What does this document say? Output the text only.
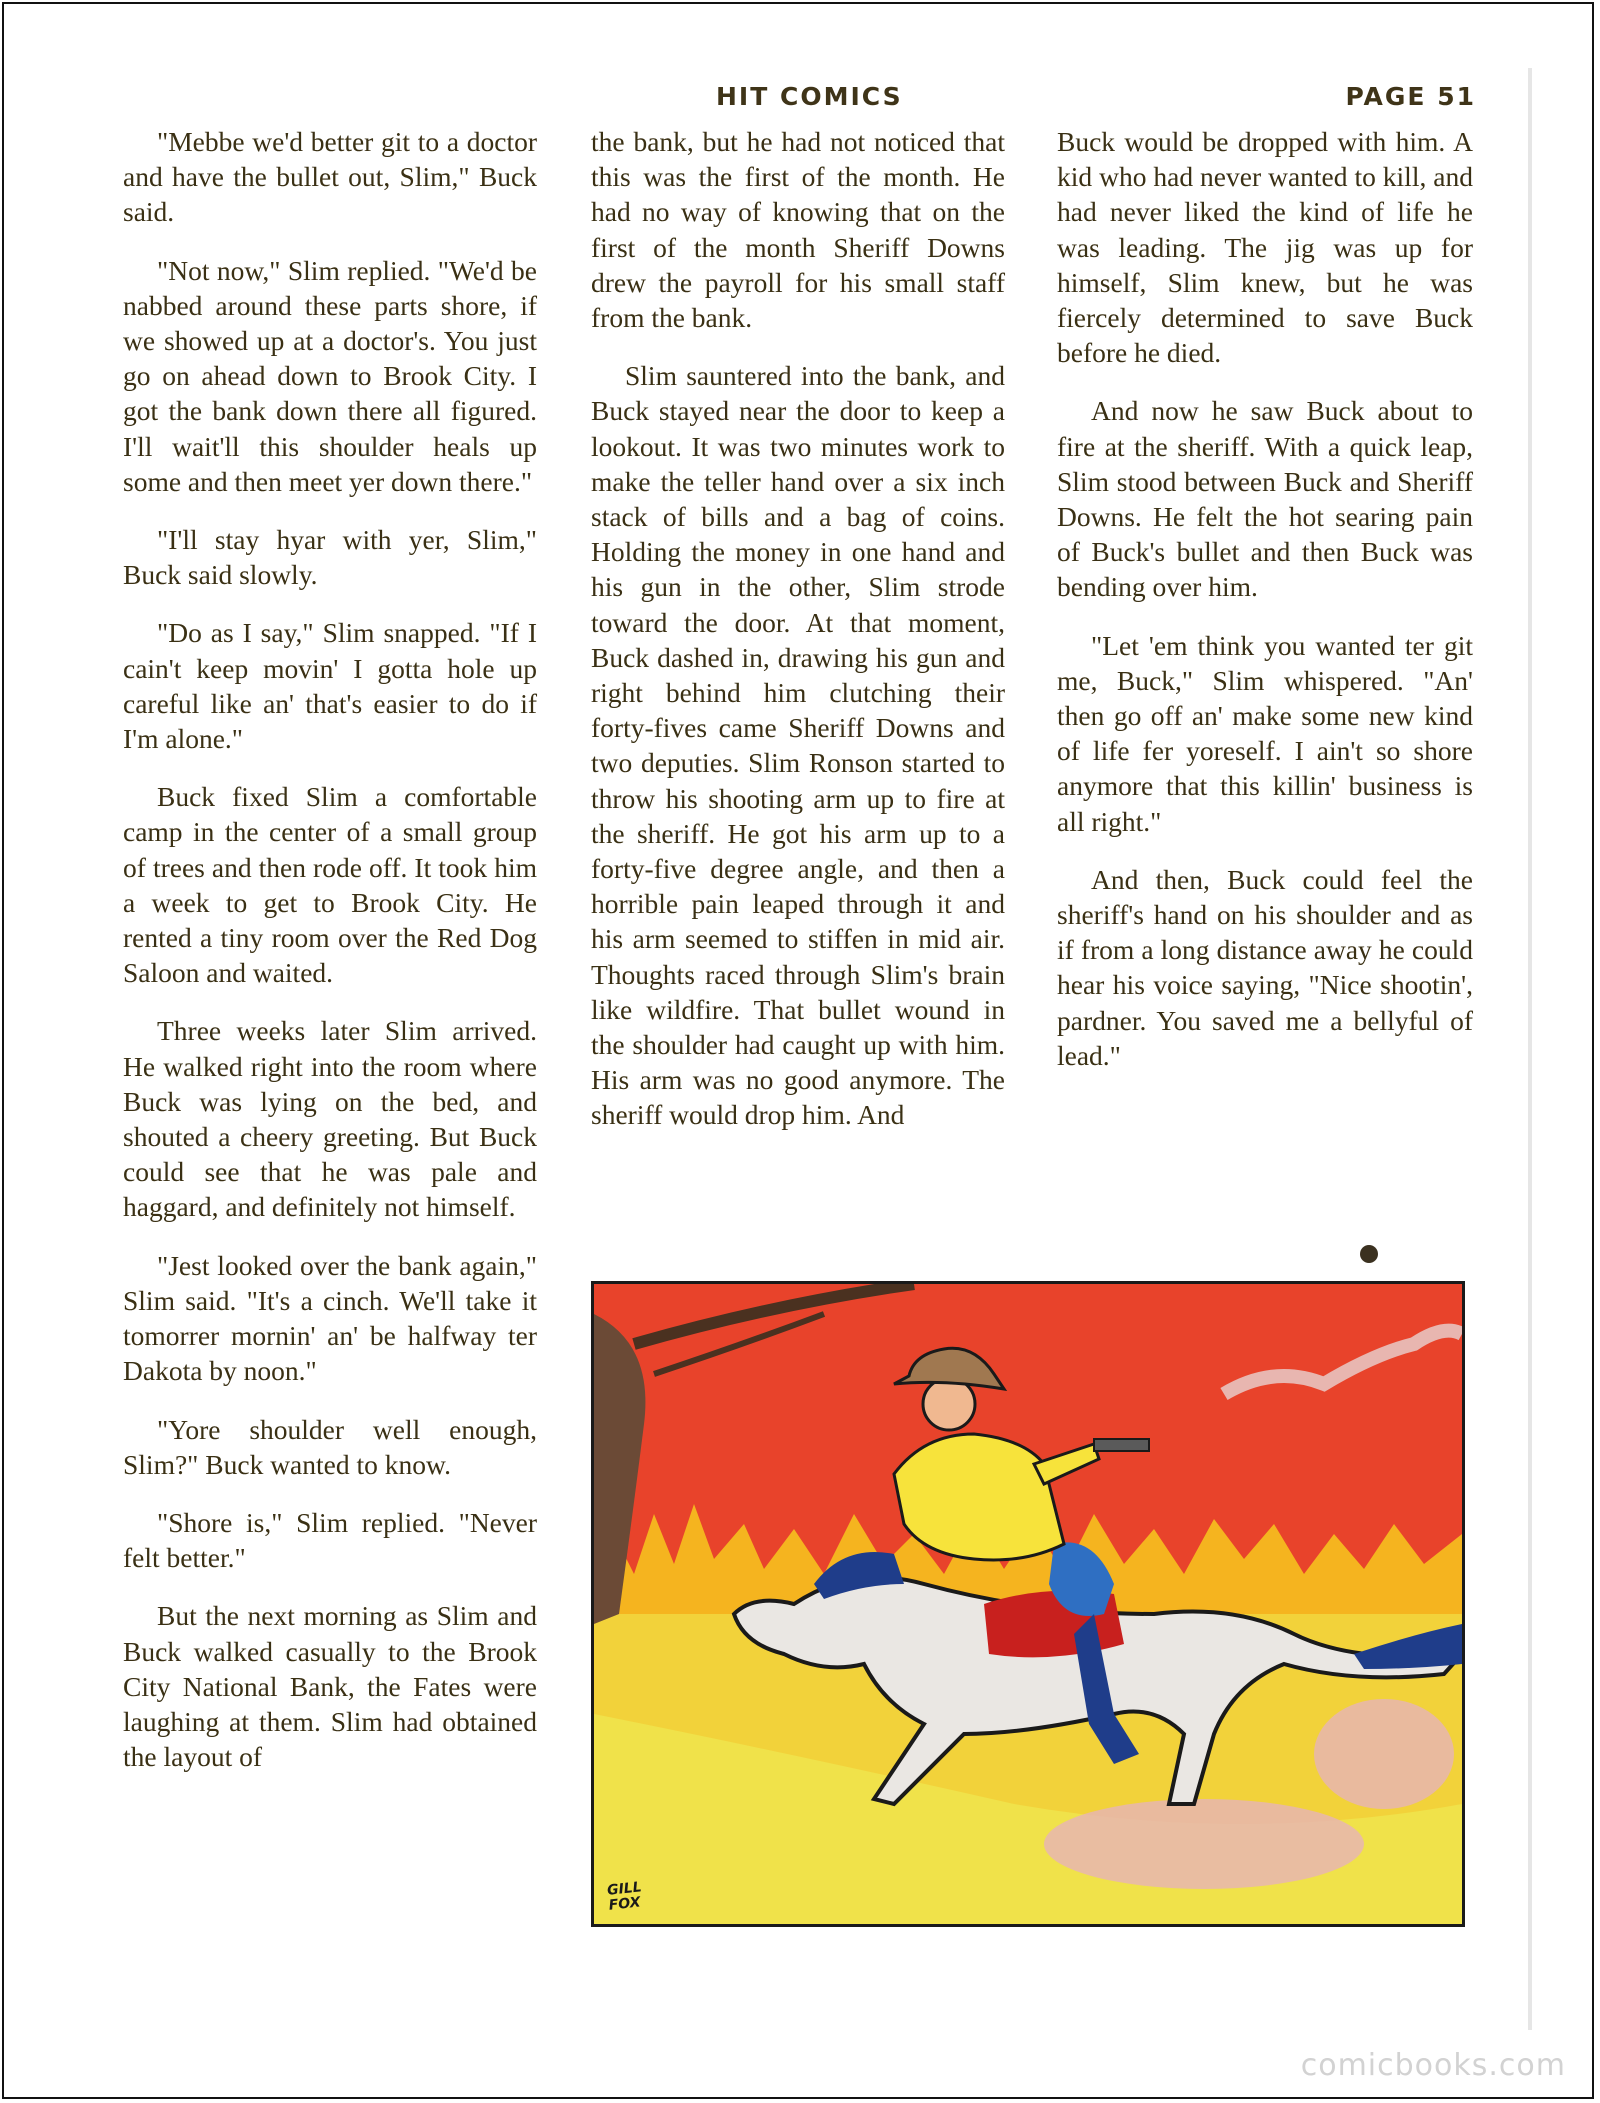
HIT COMICS	PAGE 51

"Mebbe we'd better git to a doctor and have the bullet out, Slim," Buck said.

"Not now," Slim replied. "We'd be nabbed around these parts shore, if we showed up at a doctor's. You just go on ahead down to Brook City. I got the bank down there all figured. I'll wait'll this shoulder heals up some and then meet yer down there."

"I'll stay hyar with yer, Slim," Buck said slowly.

"Do as I say," Slim snapped. "If I cain't keep movin' I gotta hole up careful like an' that's easier to do if I'm alone."

Buck fixed Slim a comfortable camp in the center of a small group of trees and then rode off. It took him a week to get to Brook City. He rented a tiny room over the Red Dog Saloon and waited.

Three weeks later Slim arrived. He walked right into the room where Buck was lying on the bed, and shouted a cheery greeting. But Buck could see that he was pale and haggard, and definitely not himself.

"Jest looked over the bank again," Slim said. "It's a cinch. We'll take it tomorrer mornin' an' be halfway ter Dakota by noon."

"Yore shoulder well enough, Slim?" Buck wanted to know.

"Shore is," Slim replied. "Never felt better."

But the next morning as Slim and Buck walked casually to the Brook City National Bank, the Fates were laughing at them. Slim had obtained the layout of

the bank, but he had not noticed that this was the first of the month. He had no way of knowing that on the first of the month Sheriff Downs drew the payroll for his small staff from the bank.

Slim sauntered into the bank, and Buck stayed near the door to keep a lookout. It was two minutes work to make the teller hand over a six inch stack of bills and a bag of coins. Holding the money in one hand and his gun in the other, Slim strode toward the door. At that moment, Buck dashed in, drawing his gun and right behind him clutching their forty-fives came Sheriff Downs and two deputies. Slim Ronson started to throw his shooting arm up to fire at the sheriff. He got his arm up to a forty-five degree angle, and then a horrible pain leaped through it and his arm seemed to stiffen in mid air. Thoughts raced through Slim's brain like wildfire. That bullet wound in the shoulder had caught up with him. His arm was no good anymore. The sheriff would drop him. And

Buck would be dropped with him. A kid who had never wanted to kill, and had never liked the kind of life he was leading. The jig was up for himself, Slim knew, but he was fiercely determined to save Buck before he died.

And now he saw Buck about to fire at the sheriff. With a quick leap, Slim stood between Buck and Sheriff Downs. He felt the hot searing pain of Buck's bullet and then Buck was bending over him.

"Let 'em think you wanted ter git me, Buck," Slim whispered. "An' then go off an' make some new kind of life fer yoreself. I ain't so shore anymore that this killin' business is all right."

And then, Buck could feel the sheriff's hand on his shoulder and as if from a long distance away he could hear his voice saying, "Nice shootin', pardner. You saved me a bellyful of lead."

GILL
FOX
comicbooks.com
